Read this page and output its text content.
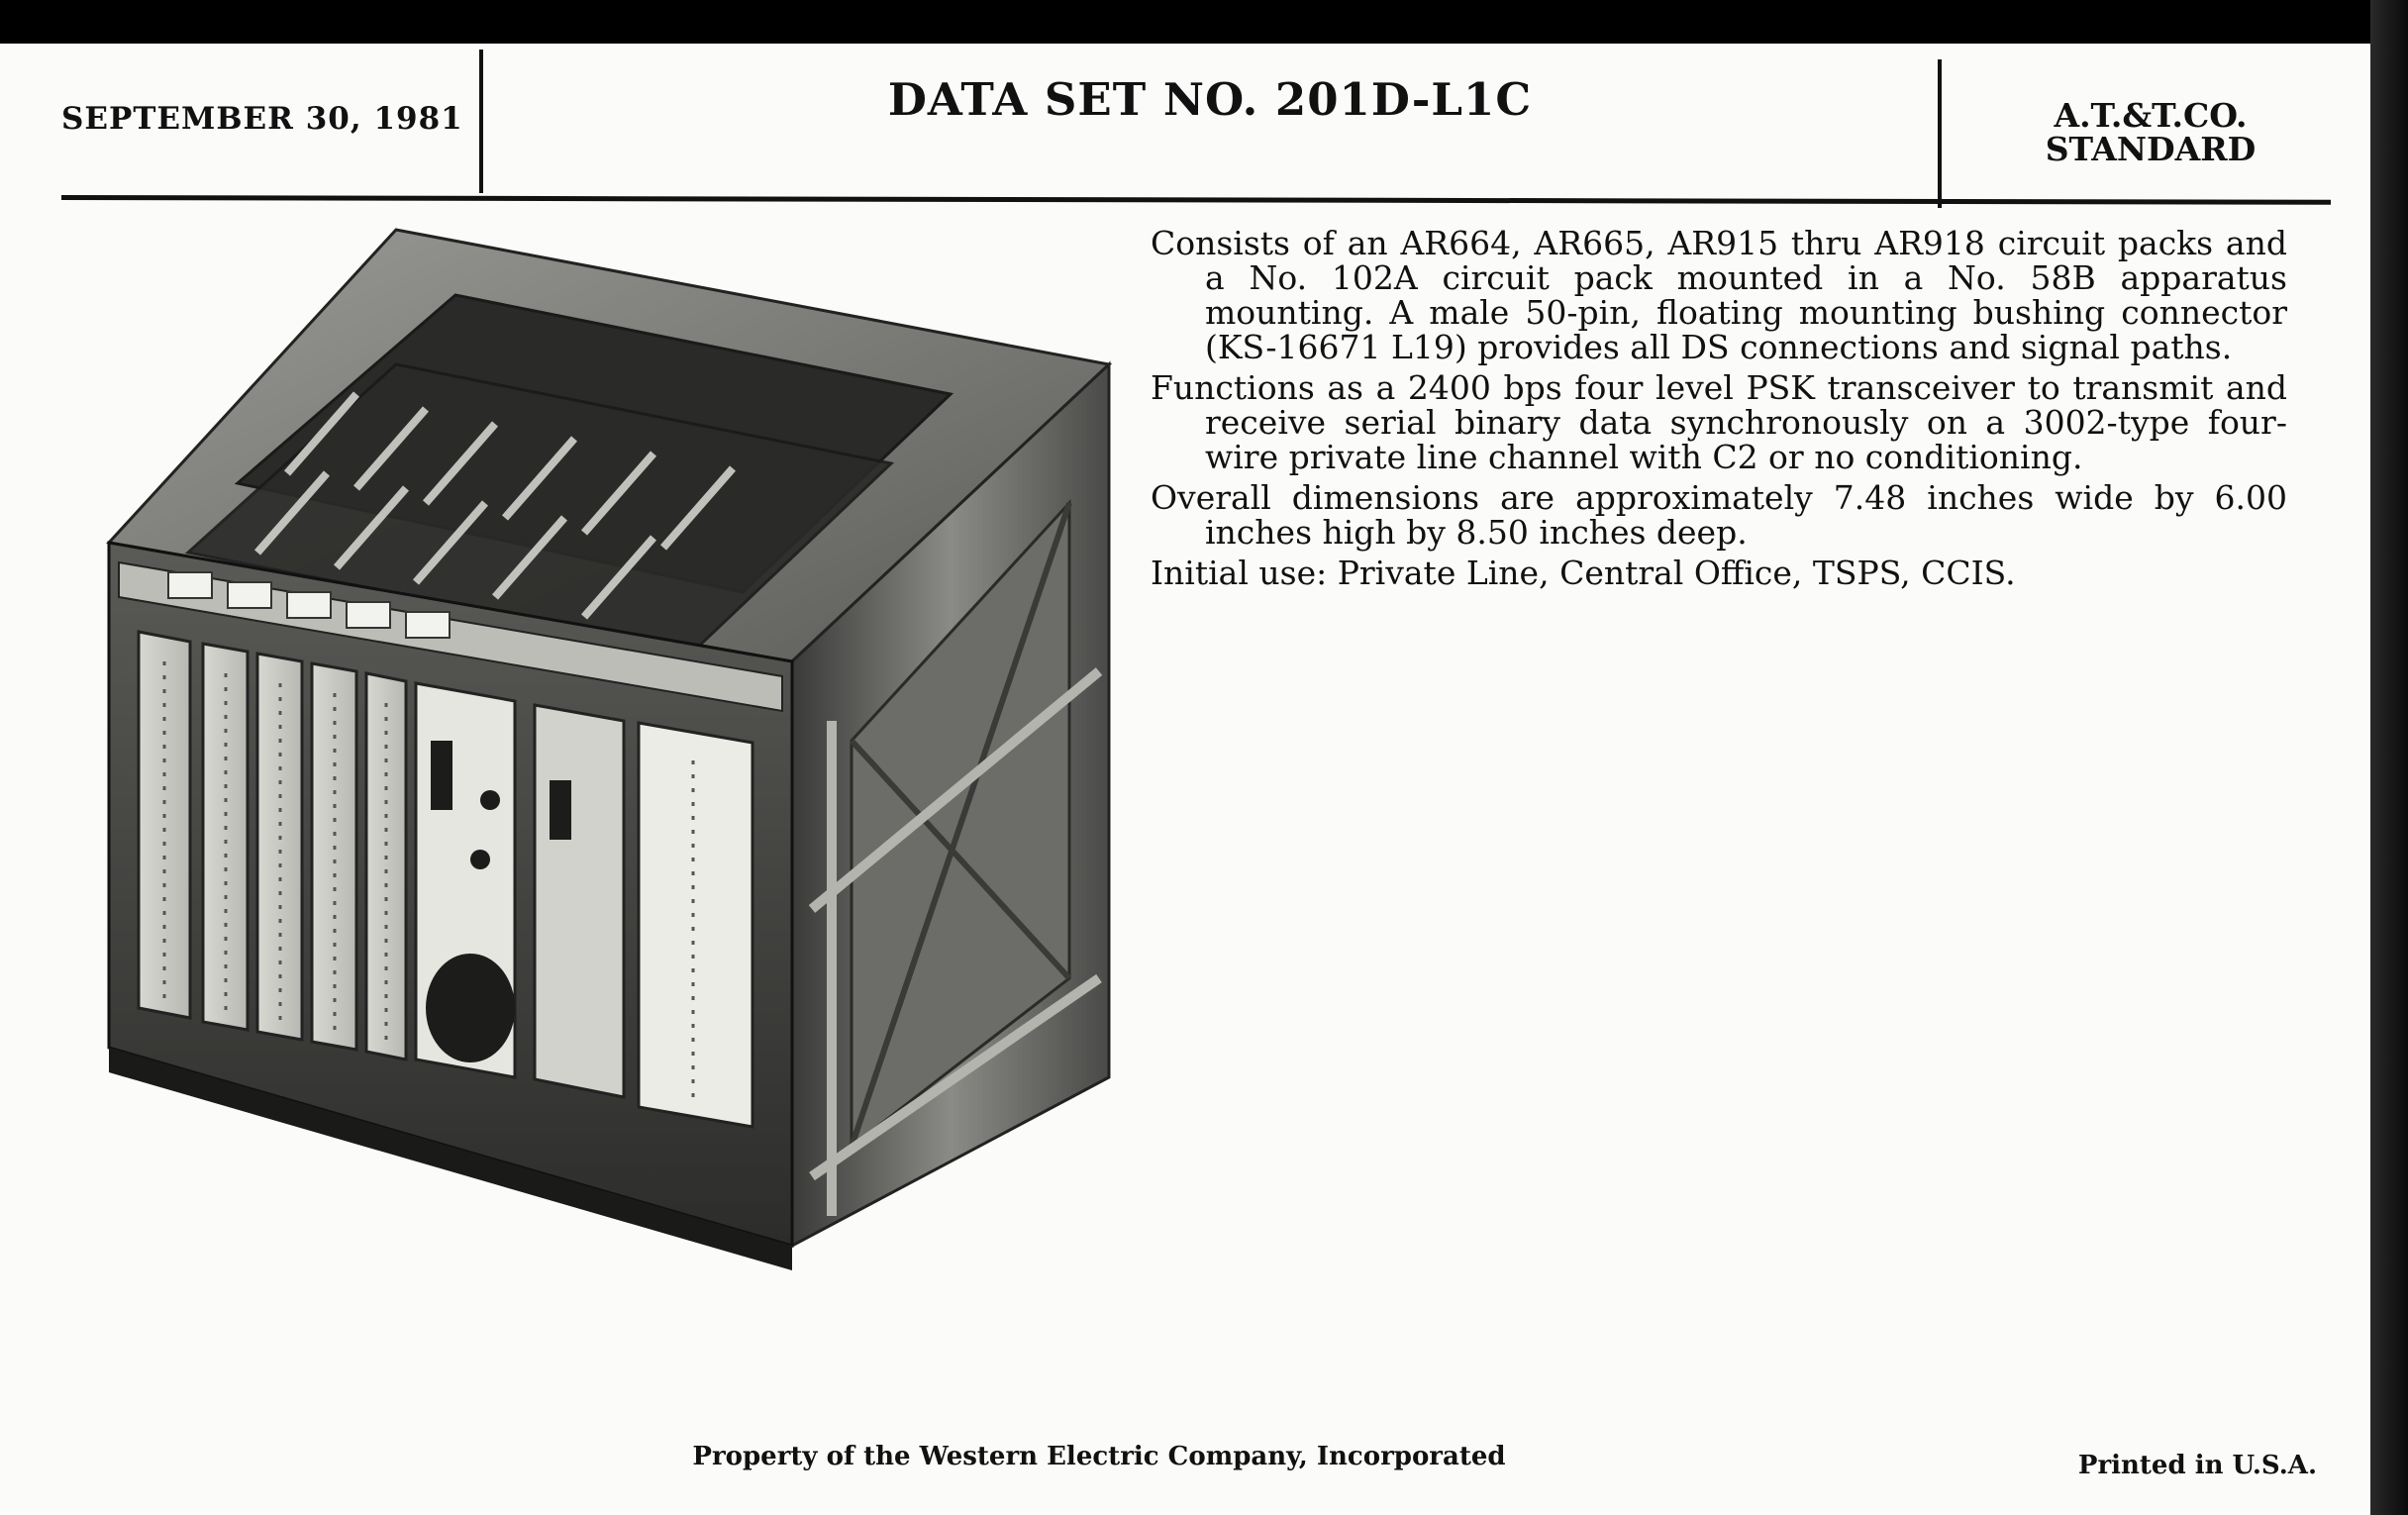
SEPTEMBER 30, 1981	DATA SET NO. 201D-L1C	A.T.&T.CO.
STANDARD

Consists of an AR664, AR665, AR915 thru AR918 circuit packs and a No. 102A circuit pack mounted in a No. 58B apparatus mounting. A male 50-pin, floating mounting bushing connector (KS-16671 L19) provides all DS connections and signal paths.

Functions as a 2400 bps four level PSK transceiver to transmit and receive serial binary data synchronously on a 3002-type four-wire private line channel with C2 or no conditioning.

Overall dimensions are approximately 7.48 inches wide by 6.00 inches high by 8.50 inches deep.

Initial use: Private Line, Central Office, TSPS, CCIS.

Property of the Western Electric Company, Incorporated	Printed in U.S.A.
